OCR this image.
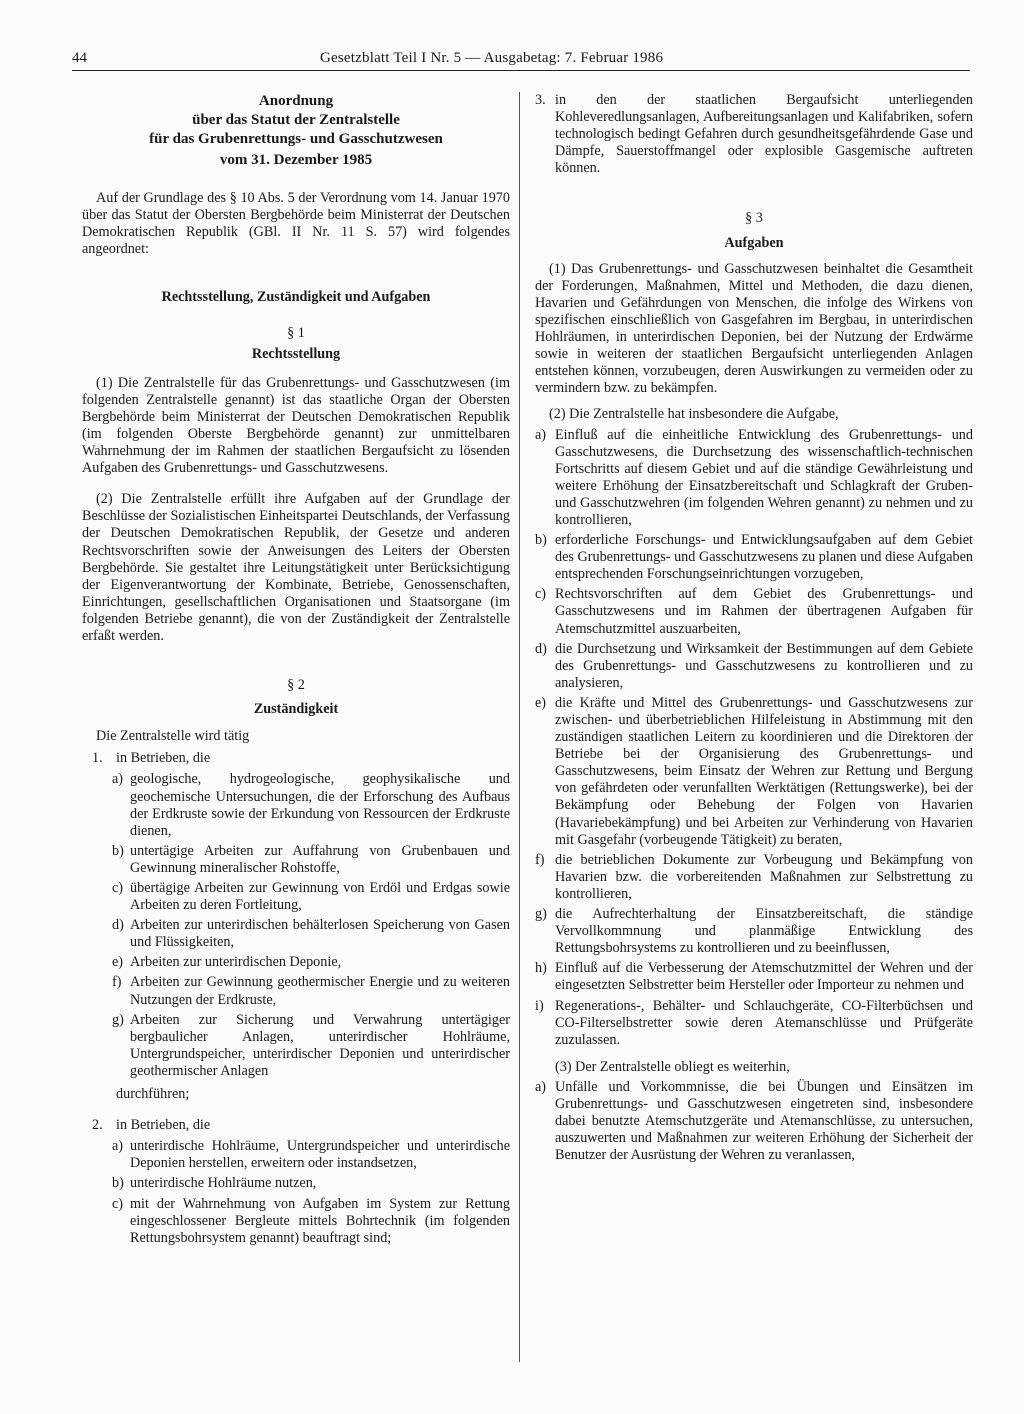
44	Gesetzblatt Teil I Nr. 5 — Ausgabetag: 7. Februar 1986
Anordnung
über das Statut der Zentralstelle
für das Grubenrettungs- und Gasschutzwesen
vom 31. Dezember 1985

Auf der Grundlage des § 10 Abs. 5 der Verordnung vom 14. Januar 1970 über das Statut der Obersten Bergbehörde beim Ministerrat der Deutschen Demokratischen Republik (GBl. II Nr. 11 S. 57) wird folgendes angeordnet:

Rechtsstellung, Zuständigkeit und Aufgaben
§ 1
Rechtsstellung

(1) Die Zentralstelle für das Grubenrettungs- und Gasschutzwesen (im folgenden Zentralstelle genannt) ist das staatliche Organ der Obersten Bergbehörde beim Ministerrat der Deutschen Demokratischen Republik (im folgenden Oberste Bergbehörde genannt) zur unmittelbaren Wahrnehmung der im Rahmen der staatlichen Bergaufsicht zu lösenden Aufgaben des Grubenrettungs- und Gasschutzwesens.

(2) Die Zentralstelle erfüllt ihre Aufgaben auf der Grundlage der Beschlüsse der Sozialistischen Einheitspartei Deutschlands, der Verfassung der Deutschen Demokratischen Republik, der Gesetze und anderen Rechtsvorschriften sowie der Anweisungen des Leiters der Obersten Bergbehörde. Sie gestaltet ihre Leitungstätigkeit unter Berücksichtigung der Eigenverantwortung der Kombinate, Betriebe, Genossenschaften, Einrichtungen, gesellschaftlichen Organisationen und Staatsorgane (im folgenden Betriebe genannt), die von der Zuständigkeit der Zentralstelle erfaßt werden.

§ 2
Zuständigkeit
Die Zentralstelle wird tätig
1. in Betrieben, die
a) geologische, hydrogeologische, geophysikalische und geochemische Untersuchungen, die der Erforschung des Aufbaus der Erdkruste sowie der Erkundung von Ressourcen der Erdkruste dienen,
b) untertägige Arbeiten zur Auffahrung von Grubenbauen und Gewinnung mineralischer Rohstoffe,
c) übertägige Arbeiten zur Gewinnung von Erdöl und Erdgas sowie Arbeiten zu deren Fortleitung,
d) Arbeiten zur unterirdischen behälterlosen Speicherung von Gasen und Flüssigkeiten,
e) Arbeiten zur unterirdischen Deponie,
f) Arbeiten zur Gewinnung geothermischer Energie und zu weiteren Nutzungen der Erdkruste,
g) Arbeiten zur Sicherung und Verwahrung untertägiger bergbaulicher Anlagen, unterirdischer Hohlräume, Untergrundspeicher, unterirdischer Deponien und unterirdischer geothermischer Anlagen
durchführen;
2. in Betrieben, die
a) unterirdische Hohlräume, Untergrundspeicher und unterirdische Deponien herstellen, erweitern oder instandsetzen,
b) unterirdische Hohlräume nutzen,
c) mit der Wahrnehmung von Aufgaben im System zur Rettung eingeschlossener Bergleute mittels Bohrtechnik (im folgenden Rettungsbohrsystem genannt) beauftragt sind;
3. in den der staatlichen Bergaufsicht unterliegenden Kohleveredlungsanlagen, Aufbereitungsanlagen und Kalifabriken, sofern technologisch bedingt Gefahren durch gesundheitsgefährdende Gase und Dämpfe, Sauerstoffmangel oder explosible Gasgemische auftreten können.
§ 3
Aufgaben

(1) Das Grubenrettungs- und Gasschutzwesen beinhaltet die Gesamtheit der Forderungen, Maßnahmen, Mittel und Methoden, die dazu dienen, Havarien und Gefährdungen von Menschen, die infolge des Wirkens von spezifischen einschließlich von Gasgefahren im Bergbau, in unterirdischen Hohlräumen, in unterirdischen Deponien, bei der Nutzung der Erdwärme sowie in weiteren der staatlichen Bergaufsicht unterliegenden Anlagen entstehen können, vorzubeugen, deren Auswirkungen zu vermeiden oder zu vermindern bzw. zu bekämpfen.

(2) Die Zentralstelle hat insbesondere die Aufgabe,
a) Einfluß auf die einheitliche Entwicklung des Grubenrettungs- und Gasschutzwesens, die Durchsetzung des wissenschaftlich-technischen Fortschritts auf diesem Gebiet und auf die ständige Gewährleistung und weitere Erhöhung der Einsatzbereitschaft und Schlagkraft der Gruben- und Gasschutzwehren (im folgenden Wehren genannt) zu nehmen und zu kontrollieren,
b) erforderliche Forschungs- und Entwicklungsaufgaben auf dem Gebiet des Grubenrettungs- und Gasschutzwesens zu planen und diese Aufgaben entsprechenden Forschungseinrichtungen vorzugeben,
c) Rechtsvorschriften auf dem Gebiet des Grubenrettungs- und Gasschutzwesens und im Rahmen der übertragenen Aufgaben für Atemschutzmittel auszuarbeiten,
d) die Durchsetzung und Wirksamkeit der Bestimmungen auf dem Gebiete des Grubenrettungs- und Gasschutzwesens zu kontrollieren und zu analysieren,
e) die Kräfte und Mittel des Grubenrettungs- und Gasschutzwesens zur zwischen- und überbetrieblichen Hilfeleistung in Abstimmung mit den zuständigen staatlichen Leitern zu koordinieren und die Direktoren der Betriebe bei der Organisierung des Grubenrettungs- und Gasschutzwesens, beim Einsatz der Wehren zur Rettung und Bergung von gefährdeten oder verunfallten Werktätigen (Rettungswerke), bei der Bekämpfung oder Behebung der Folgen von Havarien (Havariebekämpfung) und bei Arbeiten zur Verhinderung von Havarien mit Gasgefahr (vorbeugende Tätigkeit) zu beraten,
f) die betrieblichen Dokumente zur Vorbeugung und Bekämpfung von Havarien bzw. die vorbereitenden Maßnahmen zur Selbstrettung zu kontrollieren,
g) die Aufrechterhaltung der Einsatzbereitschaft, die ständige Vervollkommnung und planmäßige Entwicklung des Rettungsbohrsystems zu kontrollieren und zu beeinflussen,
h) Einfluß auf die Verbesserung der Atemschutzmittel der Wehren und der eingesetzten Selbstretter beim Hersteller oder Importeur zu nehmen und
i) Regenerations-, Behälter- und Schlauchgeräte, CO-Filterbüchsen und CO-Filterselbstretter sowie deren Atemanschlüsse und Prüfgeräte zuzulassen.
(3) Der Zentralstelle obliegt es weiterhin,
a) Unfälle und Vorkommnisse, die bei Übungen und Einsätzen im Grubenrettungs- und Gasschutzwesen eingetreten sind, insbesondere dabei benutzte Atemschutzgeräte und Atemanschlüsse, zu untersuchen, auszuwerten und Maßnahmen zur weiteren Erhöhung der Sicherheit der Benutzer der Ausrüstung der Wehren zu veranlassen,
